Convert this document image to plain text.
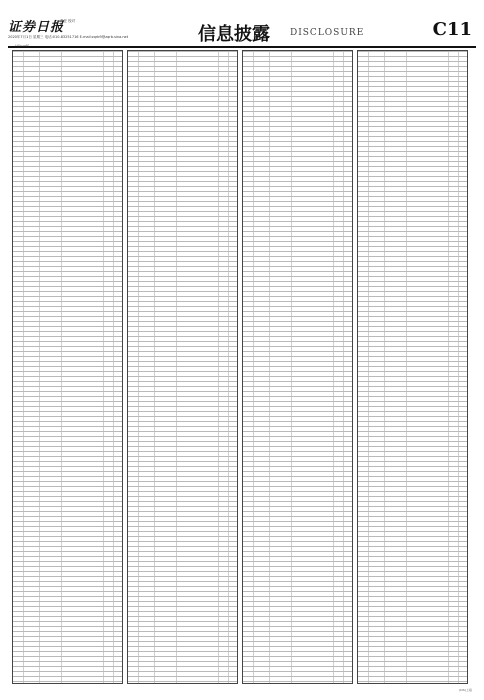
证券日报
责任 校对
2020年7月1日 星期三 电话:010-83251716 E-mail:zqrb9@zqrb.sina.net	信息披露 DISCLOSURE	C11
上接C10版
(CIS)上接
